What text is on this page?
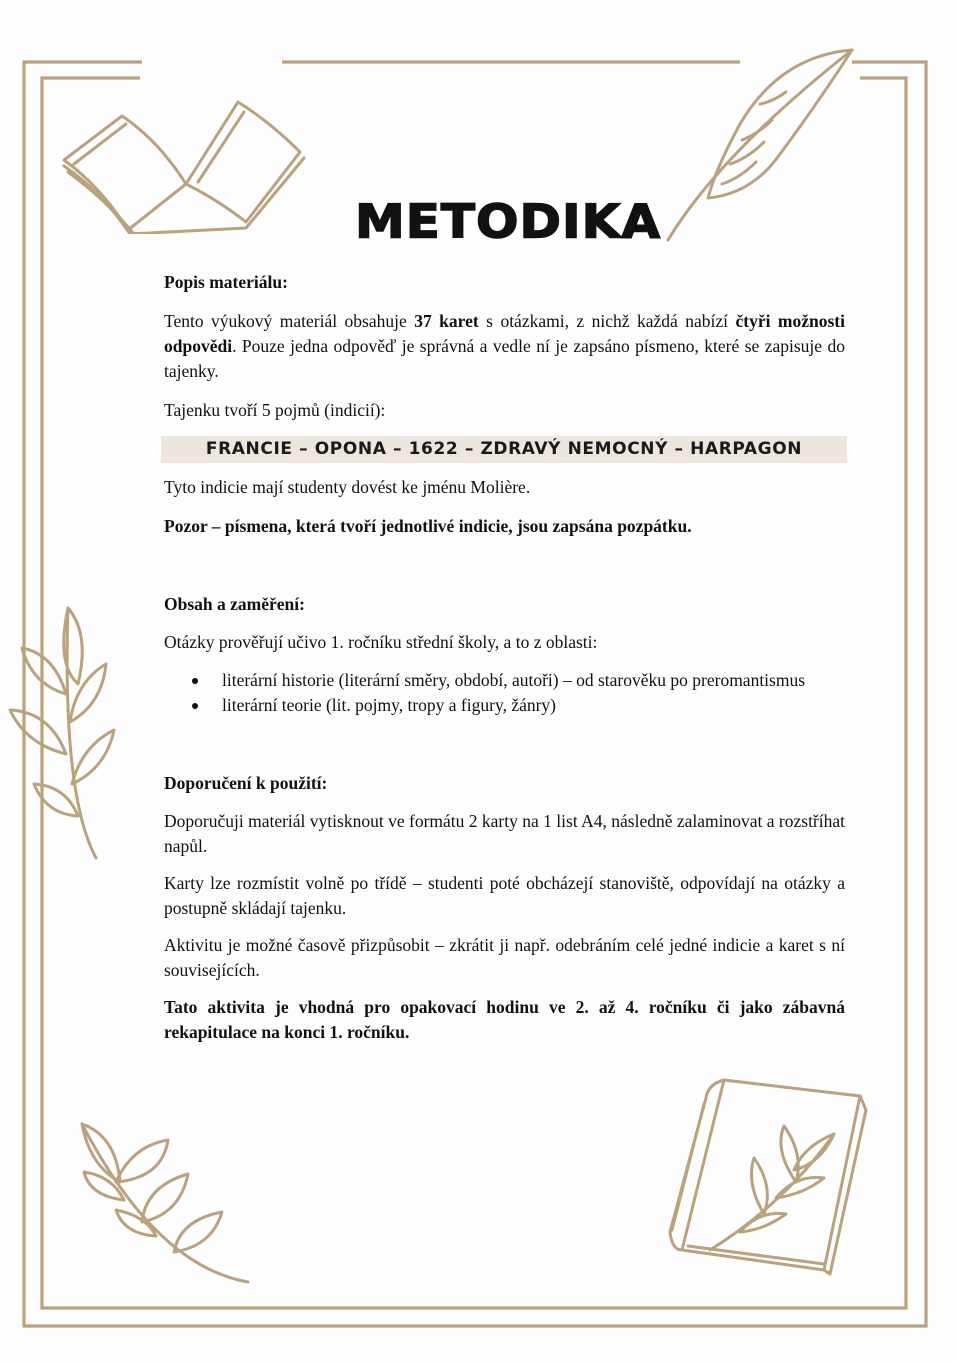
METODIKA

Popis materiálu:

Tento výukový materiál obsahuje 37 karet s otázkami, z nichž každá nabízí čtyři možnosti odpovědi. Pouze jedna odpověď je správná a vedle ní je zapsáno písmeno, které se zapisuje do tajenky.

Tajenku tvoří 5 pojmů (indicií):

FRANCIE – OPONA – 1622 – ZDRAVÝ NEMOCNÝ – HARPAGON

Tyto indicie mají studenty dovést ke jménu Molière.

Pozor – písmena, která tvoří jednotlivé indicie, jsou zapsána pozpátku.

Obsah a zaměření:

Otázky prověřují učivo 1. ročníku střední školy, a to z oblasti:

literární historie (literární směry, období, autoři) – od starověku po preromantismus
literární teorie (lit. pojmy, tropy a figury, žánry)

Doporučení k použití:

Doporučuji materiál vytisknout ve formátu 2 karty na 1 list A4, následně zalaminovat a rozstříhat napůl.

Karty lze rozmístit volně po třídě – studenti poté obcházejí stanoviště, odpovídají na otázky a postupně skládají tajenku.

Aktivitu je možné časově přizpůsobit – zkrátit ji např. odebráním celé jedné indicie a karet s ní souvisejících.

Tato aktivita je vhodná pro opakovací hodinu ve 2. až 4. ročníku či jako zábavná rekapitulace na konci 1. ročníku.
